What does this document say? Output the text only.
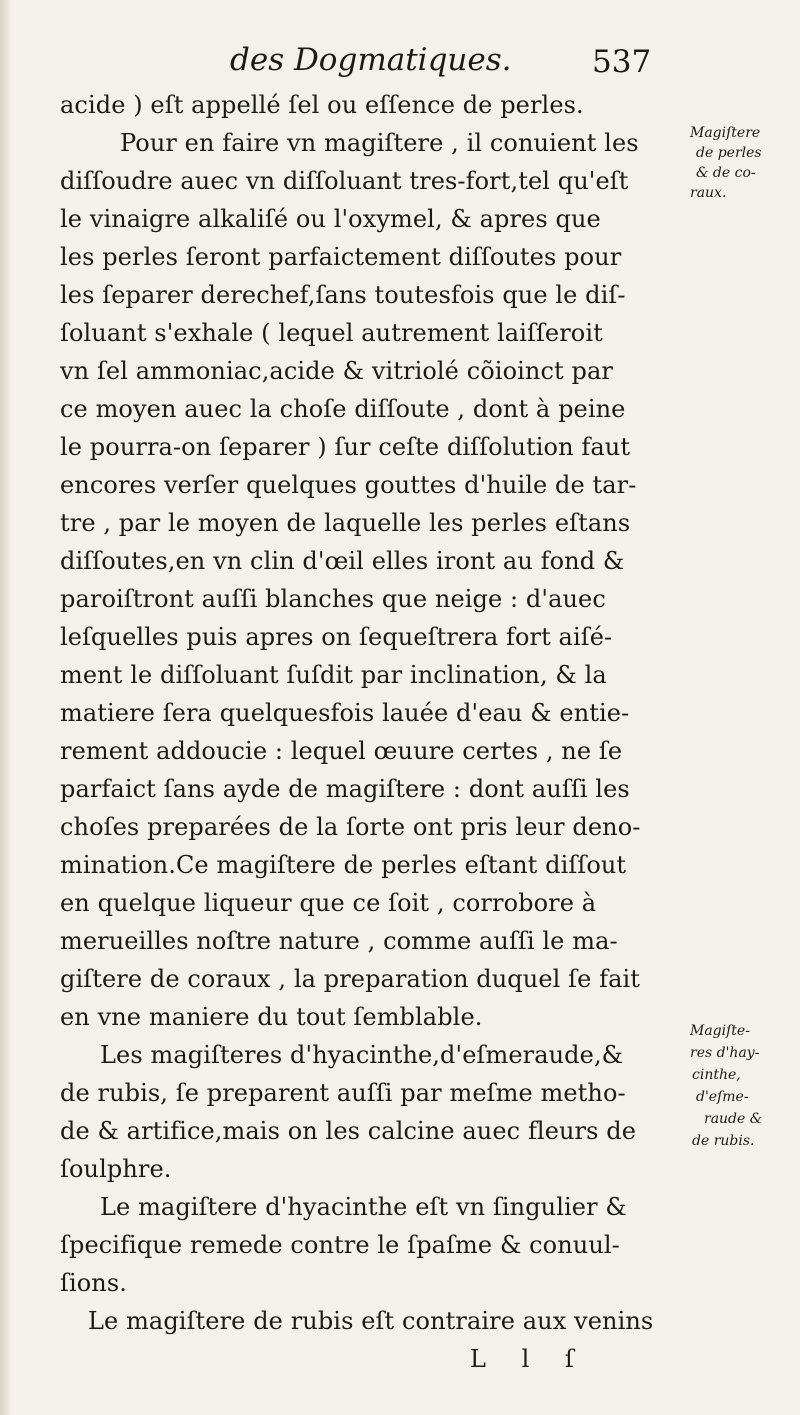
des Dogmatiques.	537
acide ) eſt appellé ſel ou eſſence de perles.
Pour en faire vn magiſtere , il conuient les
diſſoudre auec vn diſſoluant tres-fort,tel qu'eſt
le vinaigre alkaliſé ou l'oxymel, & apres que
les perles ſeront parfaictement diſſoutes pour
les ſeparer derechef,ſans toutesfois que le diſ-
ſoluant s'exhale ( lequel autrement laiſſeroit
vn ſel ammoniac,acide & vitriolé cõioinct par
ce moyen auec la choſe diſſoute , dont à peine
le pourra-on ſeparer ) ſur ceſte diſſolution faut
encores verſer quelques gouttes d'huile de tar-
tre , par le moyen de laquelle les perles eſtans
diſſoutes,en vn clin d'œil elles iront au fond &
paroiſtront auſſi blanches que neige : d'auec
leſquelles puis apres on ſequeſtrera fort aiſé-
ment le diſſoluant ſuſdit par inclination, & la
matiere ſera quelquesfois lauée d'eau & entie-
rement addoucie : lequel œuure certes , ne ſe
parfaict ſans ayde de magiſtere : dont auſſi les
choſes preparées de la ſorte ont pris leur deno-
mination.Ce magiſtere de perles eſtant diſſout
en quelque liqueur que ce ſoit , corrobore à
merueilles noſtre nature , comme auſſi le ma-
giſtere de coraux , la preparation duquel ſe fait
en vne maniere du tout ſemblable.
Les magiſteres d'hyacinthe,d'eſmeraude,&
de rubis, ſe preparent auſſi par meſme metho-
de & artifice,mais on les calcine auec fleurs de
ſoulphre.
Le magiſtere d'hyacinthe eſt vn ſingulier &
ſpecifique remede contre le ſpaſme & conuul-
ſions.
Le magiſtere de rubis eſt contraire aux venins
Magiſtere
de perles
& de co-
raux.
Magiſte-
res d'hay-
cinthe,
d'eſme-
raude &
de rubis.
L l ſ
